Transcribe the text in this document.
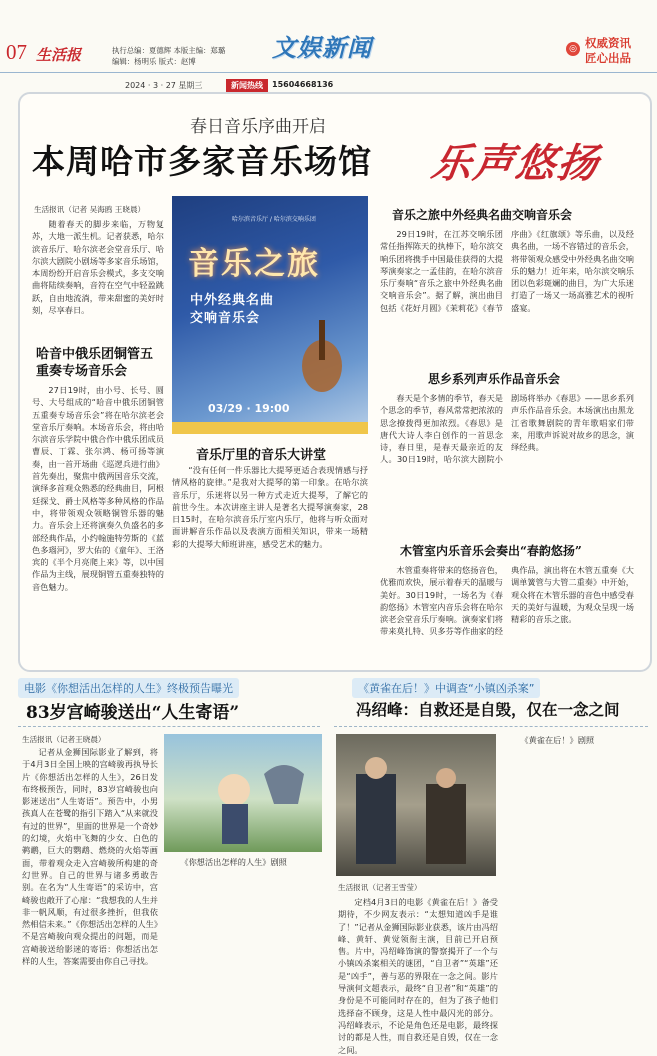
07 生活报	执行总编：夏德辉 本版主编：郑璐
编辑：杨明乐 版式：赵博	文娱新闻	◎ 权威资讯
匠心出品
2024 · 3 · 27 星期三	新闻热线	15604668136
春日音乐序曲开启
本周哈市多家音乐场馆 乐声悠扬
生活报讯（记者 吴海鸥 王晓晨）

随着春天的脚步来临，万物复苏，大地一派生机。记者获悉，哈尔滨音乐厅、哈尔滨老会堂音乐厅、哈尔滨大剧院小剧场等多家音乐场馆，本周纷纷开启音乐会模式，多支交响曲将陆续奏响，音符在空气中轻盈跳跃，自由地流淌，带来甜蜜的美好时刻，尽享春日。

哈音中俄乐团铜管五重奏专场音乐会

27日19时，由小号、长号、圆号、大号组成的“哈音中俄乐团铜管五重奏专场音乐会”将在哈尔滨老会堂音乐厅奏响。本场音乐会，将由哈尔滨音乐学院中俄合作中俄乐团成员曹辰、丁霖、张尔鸿、杨可扬等演奏，由一首开场曲《巡逻兵进行曲》首先奏出，聚焦中俄两国音乐交流，演绎多首观众熟悉的经典曲目，阿根廷探戈、爵士风格等多种风格的作品中，将带领观众领略铜管乐器的魅力。音乐会上还将演奏久负盛名的多部经典作品，小约翰施特劳斯的《蓝色多瑙河》，罗大佑的《童年》、王洛宾的《半个月亮爬上来》等，以中国作品为主线，展现铜管五重奏独特的音色魅力。

哈尔滨音乐厅 / 哈尔滨交响乐团
音乐之旅
中外经典名曲
交响音乐会
03/29 · 19:00
音乐厅里的音乐大讲堂

“没有任何一件乐器比大提琴更适合表现情感与抒情风格的旋律。”是我对大提琴的第一印象。在哈尔滨音乐厅，乐迷将以另一种方式走近大提琴，了解它的前世今生。本次讲座主讲人是著名大提琴演奏家，28日15时，在哈尔滨音乐厅室内乐厅，他将与听众面对面讲解音乐作品以及表演方面相关知识，带来一场精彩的大提琴大师班讲座，感受艺术的魅力。

音乐之旅中外经典名曲交响音乐会

29日19时，在江苏交响乐团常任指挥陈天的执棒下，哈尔滨交响乐团将携手中国最佳获得的大提琴演奏家之一孟佳韵，在哈尔滨音乐厅奏响“音乐之旅中外经典名曲交响音乐会”。据了解，演出曲目包括《花好月圆》《茉莉花》《春节序曲》《红旗颂》等乐曲，以及经典名曲，一场不容错过的音乐会，将带领观众感受中外经典名曲交响乐的魅力！近年来，哈尔滨交响乐团以色彩斑斓的曲目，为广大乐迷打造了一场又一场高雅艺术的视听盛宴。

思乡系列声乐作品音乐会

春天是个多情的季节，春天是个思念的季节，春风常常把浓浓的思念撩拨得更加浓烈。《春思》是唐代大诗人李白创作的一首思念诗，春日里，是春天最亲近的友人。30日19时，哈尔滨大剧院小剧场将举办《春思》——思乡系列声乐作品音乐会。本场演出由黑龙江省歌舞剧院的青年歌唱家们带来，用歌声诉说对故乡的思念，演绎经典。

木管室内乐音乐会奏出“春韵悠扬”

木管重奏将带来的悠扬音色，优雅而欢快，展示着春天的温暖与美好。30日19时，一场名为《春韵悠扬》木管室内音乐会将在哈尔滨老会堂音乐厅奏响。演奏家们将带来莫扎特、贝多芬等作曲家的经典作品，演出将在木管五重奏《大调单簧管与大管二重奏》中开始，观众将在木管乐器的音色中感受春天的美好与温暖，为观众呈现一场精彩的音乐之旅。

电影《你想活出怎样的人生》终极预告曝光
83岁宫崎骏送出“人生寄语”
生活报讯（记者王晓晨）

记者从金狮国际影业了解到，将于4月3日全国上映的宫崎骏再执导长片《你想活出怎样的人生》，26日发布终极预告，同时，83岁宫崎骏也向影迷送出“人生寄语”。预告中，小男孩真人在苍鹭的指引下踏入“从来就没有过的世界”，里面的世界是一个奇妙的幻境，火焰中飞舞的少女、白色的鹈鹕，巨大的鹦鹉、燃烧的火焰等画面，带着观众走入宫崎骏所构建的奇幻世界。自己的世界与诸多勇敢告别。在名为“人生寄语”的采访中，宫崎骏也敞开了心扉：“我想我的人生并非一帆风顺，有过很多挫折，但我依然相信未来。”《你想活出怎样的人生》不是宫崎骏向观众提出的问题，而是宫崎骏送给影迷的寄语：你想活出怎样的人生，答案需要由你自己寻找。

《你想活出怎样的人生》剧照

《黄雀在后！》中调查“小镇凶杀案”
冯绍峰：自救还是自毁，仅在一念之间
生活报讯（记者王雪莹）

定档4月3日的电影《黄雀在后！》备受期待，不少网友表示：“太想知道凶手是谁了！”记者从金狮国际影业获悉，该片由冯绍峰、黄轩、黄觉领衔主演，目前已开启预售。片中，冯绍峰饰演的警察揭开了一个与小镇凶杀案相关的谜团，“自卫者”“英雄”还是“凶手”，善与恶的界限在一念之间。影片导演何文超表示，最终“自卫者”和“英雄”的身份是不可能同时存在的，但为了孩子他们选择奋不顾身，这是人性中最闪光的部分。冯绍峰表示，不论是角色还是电影，最终探讨的都是人性，而自救还是自毁，仅在一念之间。

《黄雀在后！》剧照
